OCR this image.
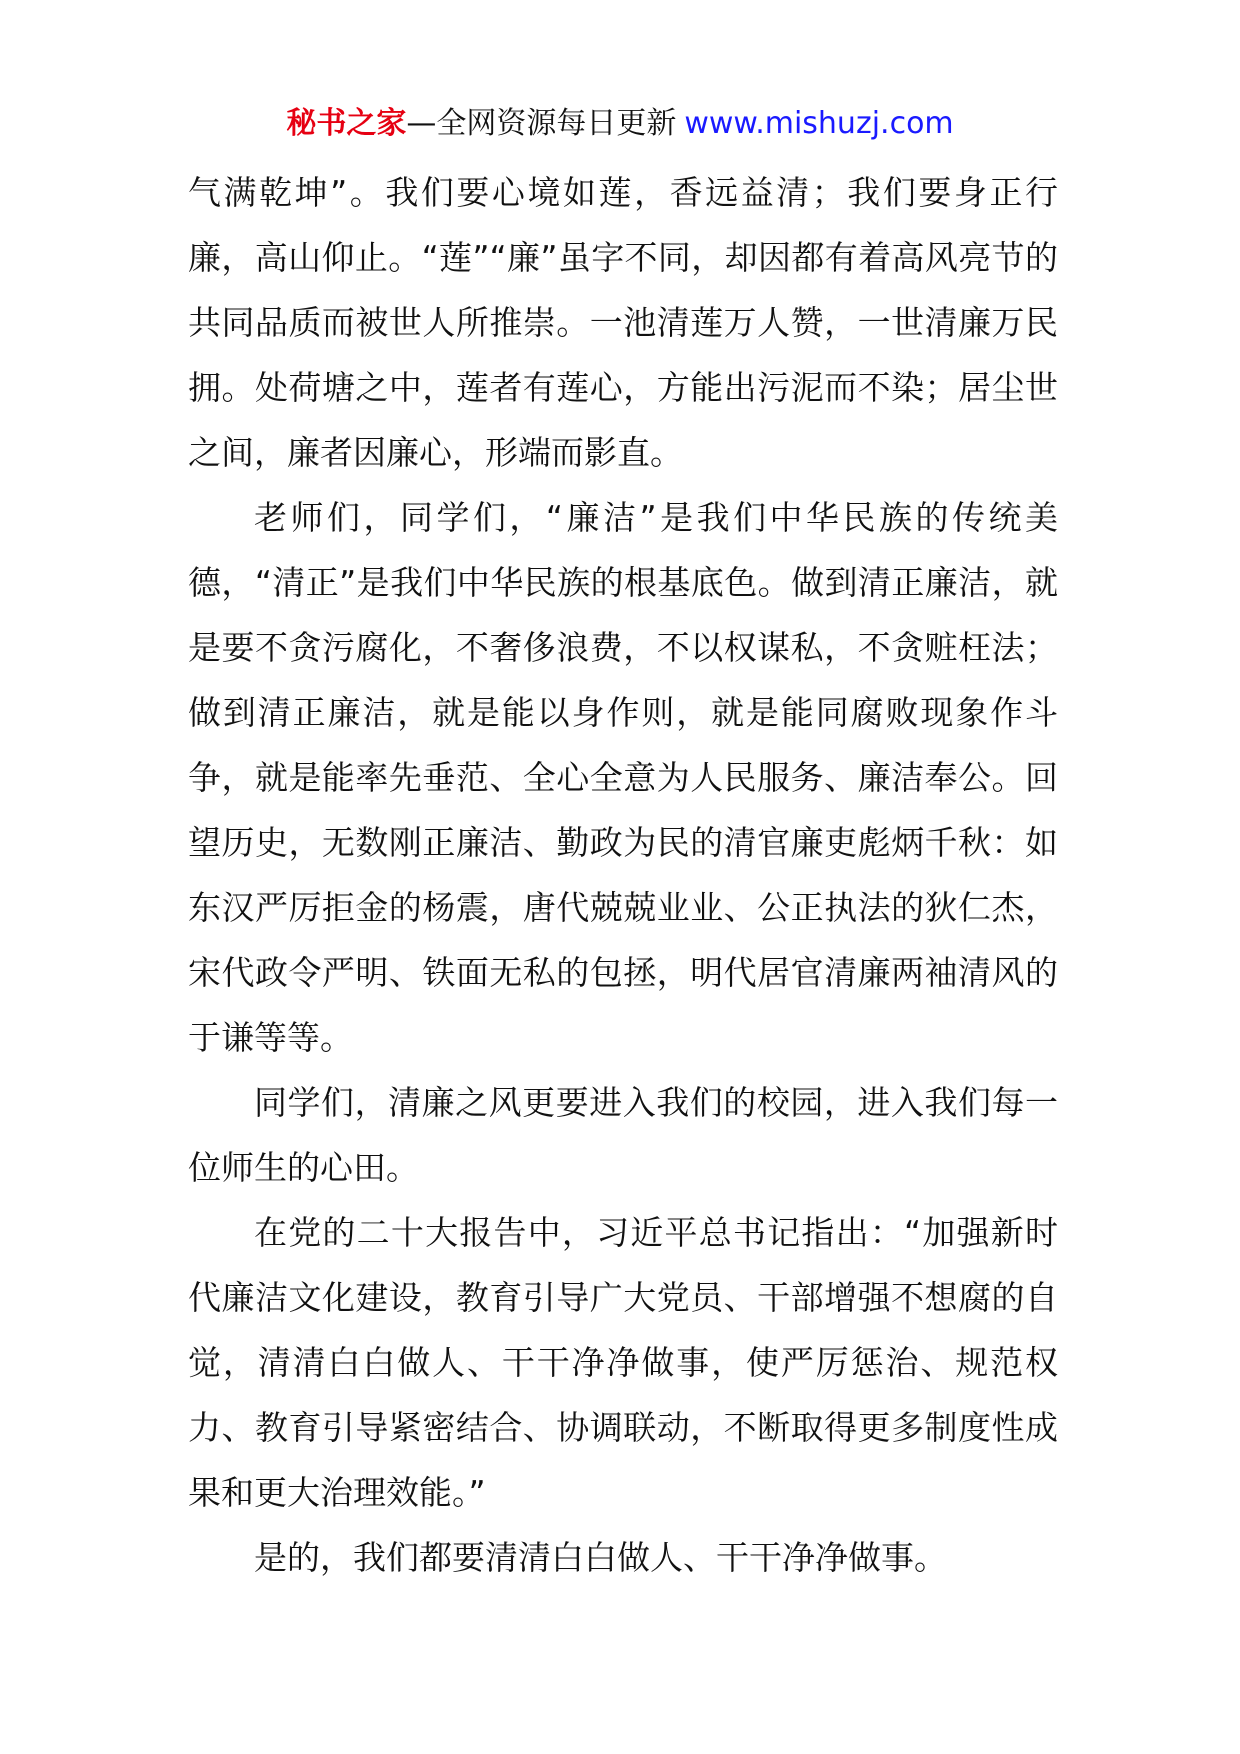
秘书之家—全网资源每日更新 www.mishuzj.com

气满乾坤”。我们要心境如莲，香远益清；我们要身正行廉，高山仰止。“莲”“廉”虽字不同，却因都有着高风亮节的共同品质而被世人所推崇。一池清莲万人赞，一世清廉万民拥。处荷塘之中，莲者有莲心，方能出污泥而不染；居尘世之间，廉者因廉心，形端而影直。

老师们，同学们，“廉洁”是我们中华民族的传统美德，“清正”是我们中华民族的根基底色。做到清正廉洁，就是要不贪污腐化，不奢侈浪费，不以权谋私，不贪赃枉法；做到清正廉洁，就是能以身作则，就是能同腐败现象作斗争，就是能率先垂范、全心全意为人民服务、廉洁奉公。回望历史，无数刚正廉洁、勤政为民的清官廉吏彪炳千秋：如东汉严厉拒金的杨震，唐代兢兢业业、公正执法的狄仁杰，宋代政令严明、铁面无私的包拯，明代居官清廉两袖清风的于谦等等。

同学们，清廉之风更要进入我们的校园，进入我们每一位师生的心田。

在党的二十大报告中，习近平总书记指出：“加强新时代廉洁文化建设，教育引导广大党员、干部增强不想腐的自觉，清清白白做人、干干净净做事，使严厉惩治、规范权力、教育引导紧密结合、协调联动，不断取得更多制度性成果和更大治理效能。”

是的，我们都要清清白白做人、干干净净做事。
